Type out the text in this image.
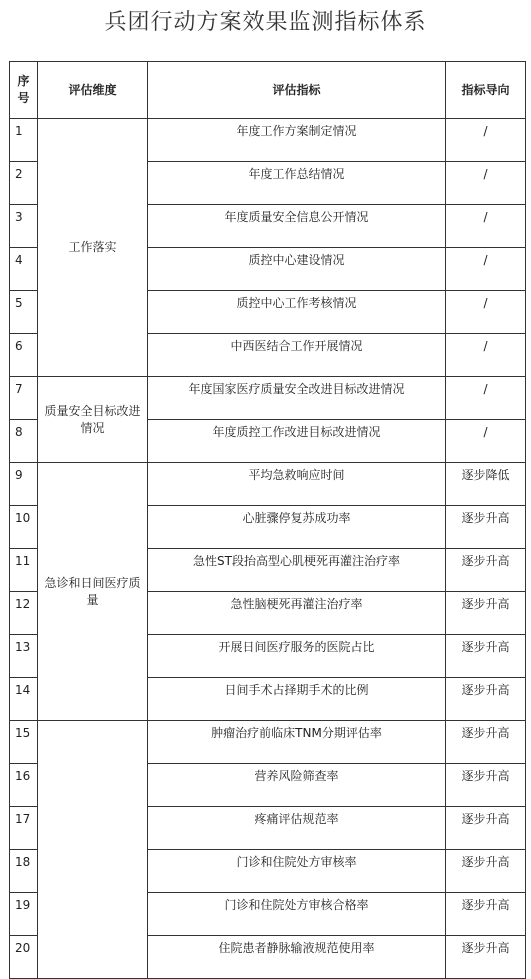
兵团行动方案效果监测指标体系
序号	评估维度	评估指标	指标导向
1	工作落实	年度工作方案制定情况	/
2		年度工作总结情况	/
3		年度质量安全信息公开情况	/
4		质控中心建设情况	/
5		质控中心工作考核情况	/
6		中西医结合工作开展情况	/
7	质量安全目标改进情况	年度国家医疗质量安全改进目标改进情况	/
8		年度质控工作改进目标改进情况	/
9	急诊和日间医疗质量	平均急救响应时间	逐步降低
10		心脏骤停复苏成功率	逐步升高
11		急性ST段抬高型心肌梗死再灌注治疗率	逐步升高
12		急性脑梗死再灌注治疗率	逐步升高
13		开展日间医疗服务的医院占比	逐步升高
14		日间手术占择期手术的比例	逐步升高
15		肿瘤治疗前临床TNM分期评估率	逐步升高
16		营养风险筛查率	逐步升高
17		疼痛评估规范率	逐步升高
18		门诊和住院处方审核率	逐步升高
19		门诊和住院处方审核合格率	逐步升高
20		住院患者静脉输液规范使用率	逐步升高
